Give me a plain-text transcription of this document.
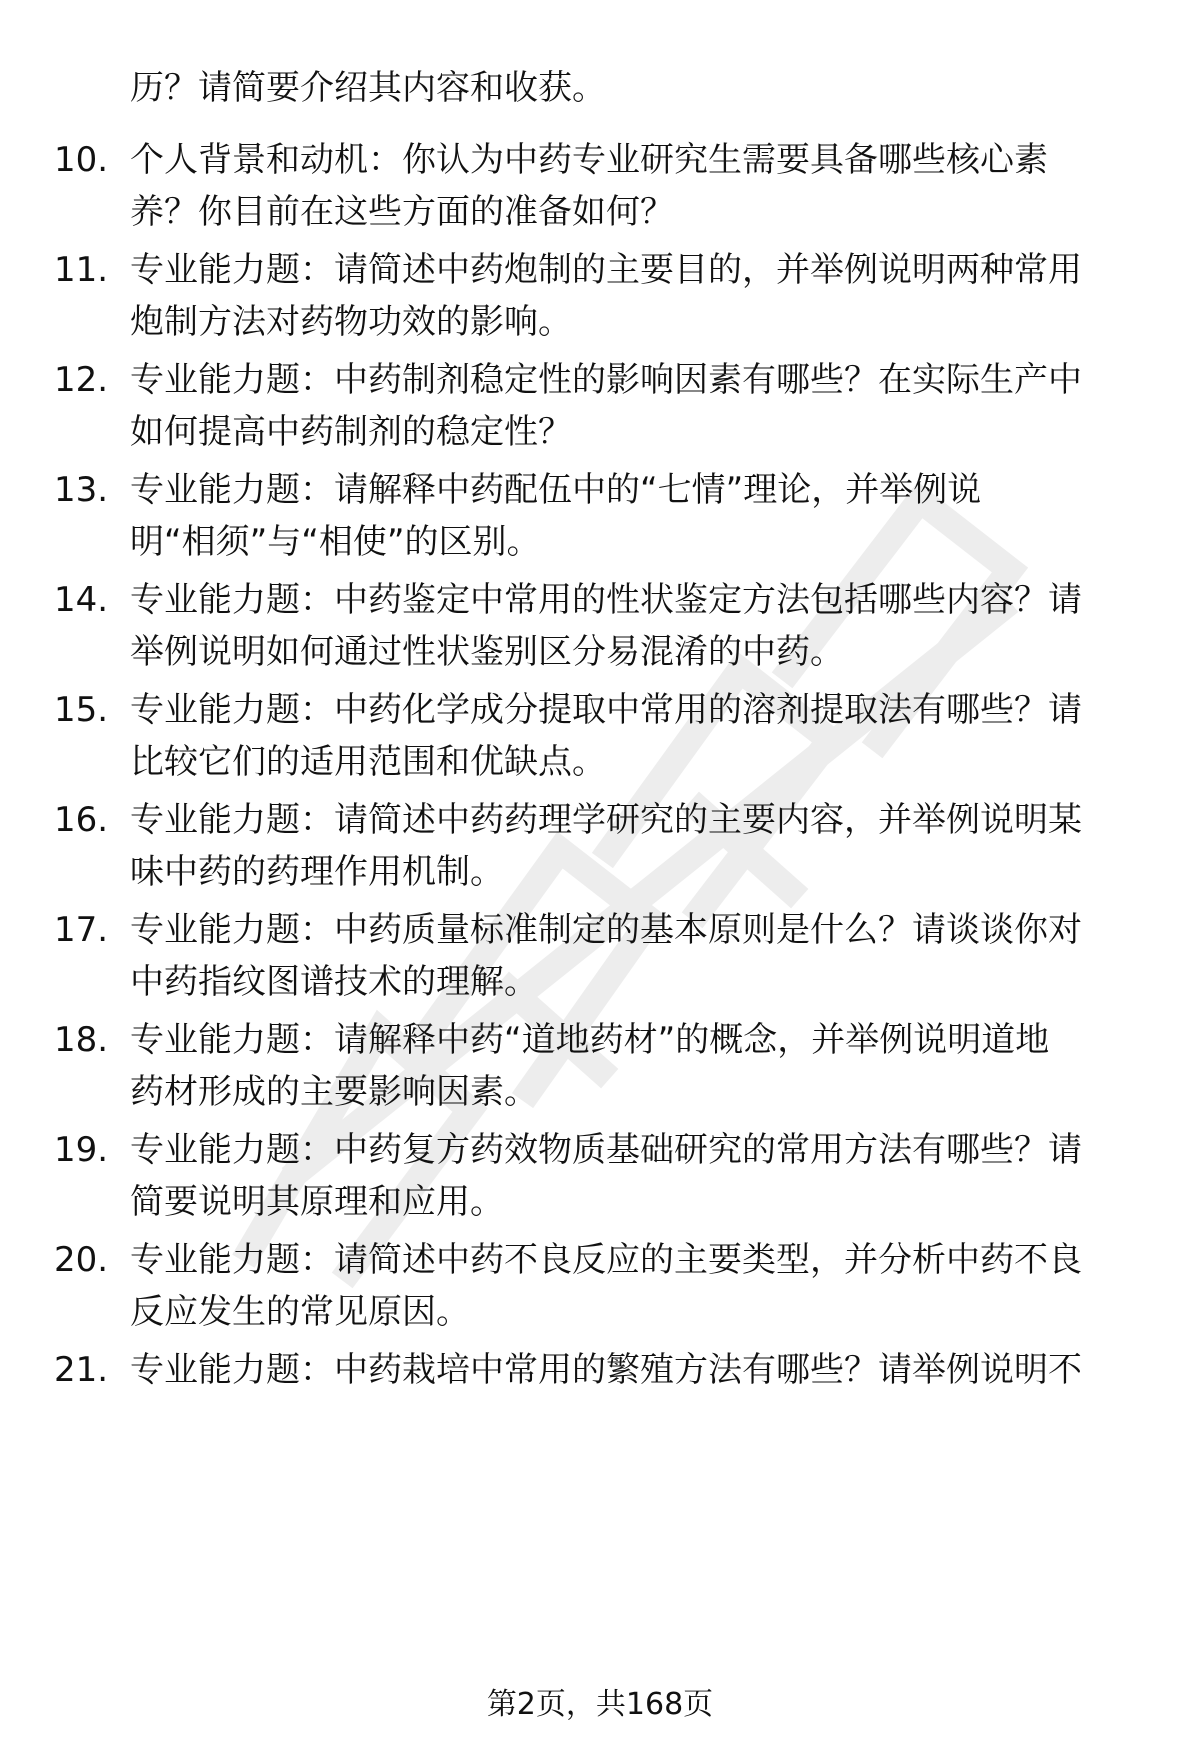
历？请简要介绍其内容和收获。
10. 个人背景和动机：你认为中药专业研究生需要具备哪些核心素
养？你目前在这些方面的准备如何？
11. 专业能力题：请简述中药炮制的主要目的，并举例说明两种常用
炮制方法对药物功效的影响。
12. 专业能力题：中药制剂稳定性的影响因素有哪些？在实际生产中
如何提高中药制剂的稳定性？
13. 专业能力题：请解释中药配伍中的“七情”理论，并举例说
明“相须”与“相使”的区别。
14. 专业能力题：中药鉴定中常用的性状鉴定方法包括哪些内容？请
举例说明如何通过性状鉴别区分易混淆的中药。
15. 专业能力题：中药化学成分提取中常用的溶剂提取法有哪些？请
比较它们的适用范围和优缺点。
16. 专业能力题：请简述中药药理学研究的主要内容，并举例说明某
味中药的药理作用机制。
17. 专业能力题：中药质量标准制定的基本原则是什么？请谈谈你对
中药指纹图谱技术的理解。
18. 专业能力题：请解释中药“道地药材”的概念，并举例说明道地
药材形成的主要影响因素。
19. 专业能力题：中药复方药效物质基础研究的常用方法有哪些？请
简要说明其原理和应用。
20. 专业能力题：请简述中药不良反应的主要类型，并分析中药不良
反应发生的常见原因。
21. 专业能力题：中药栽培中常用的繁殖方法有哪些？请举例说明不
第2页，共168页
